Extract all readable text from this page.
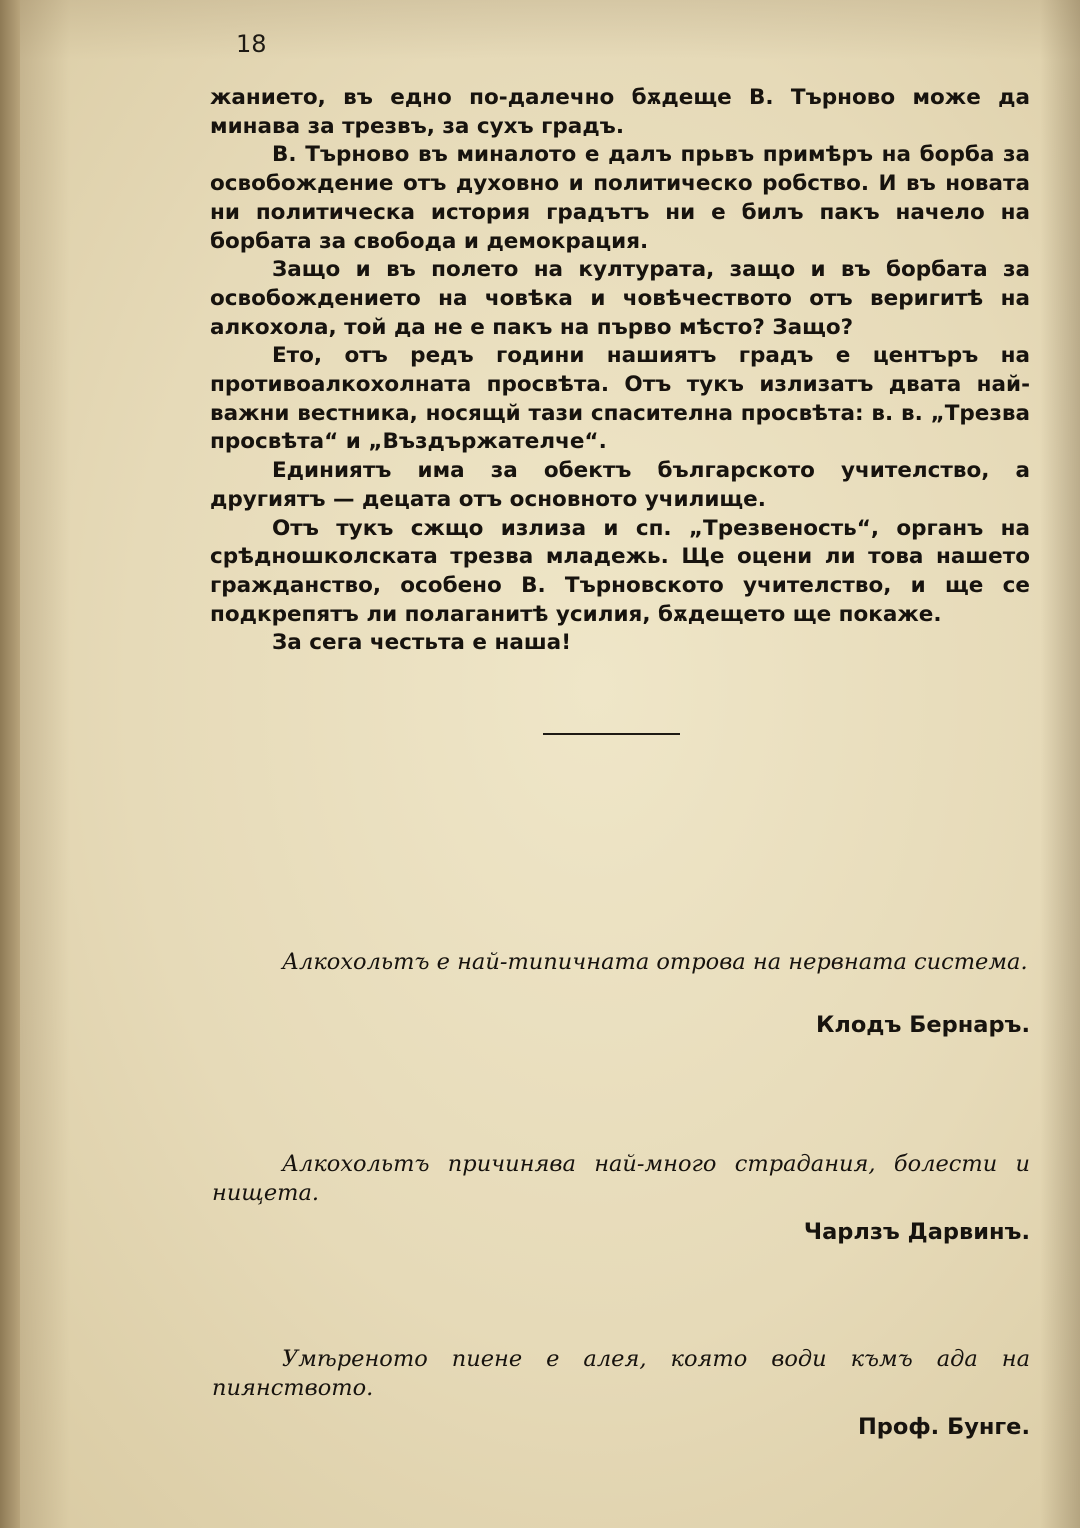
18

жанието, въ едно по-далечно бѫдеще В. Търново може да минава за трезвъ, за сухъ градъ.

В. Търново въ миналото е далъ прьвъ примѣръ на борба за освобождение отъ духовно и политическо робство. И въ новата ни политическа история градътъ ни е билъ пакъ начело на борбата за свобода и демокрация.

Защо и въ полето на културата, защо и въ борбата за освобождението на човѣка и човѣчеството отъ веригитѣ на алкохола, той да не е пакъ на първо мѣсто? Защо?

Ето, отъ редъ години нашиятъ градъ е центъръ на противоалкохолната просвѣта. Отъ тукъ излизатъ двата най-важни вестника, носящй тази спасителна просвѣта: в. в. „Трезва просвѣта“ и „Въздържателче“.

Единиятъ има за обектъ българското учителство, а другиятъ — децата отъ основното училище.

Отъ тукъ сжщо излиза и сп. „Трезвеность“, органъ на срѣдношколската трезва младежь. Ще оцени ли това нашето гражданство, особено В. Търновското учителство, и ще се подкрепятъ ли полаганитѣ усилия, бѫдещето ще покаже.

За сега честьта е наша!

Алкохольтъ е най-типичната отрова на нервната система.
Клодъ Бернаръ.
Алкохольтъ причинява най-много страдания, болести и нищета.
Чарлзъ Дарвинъ.
Умѣреното пиене е алея, която води къмъ ада на пиянството.
Проф. Бунге.
